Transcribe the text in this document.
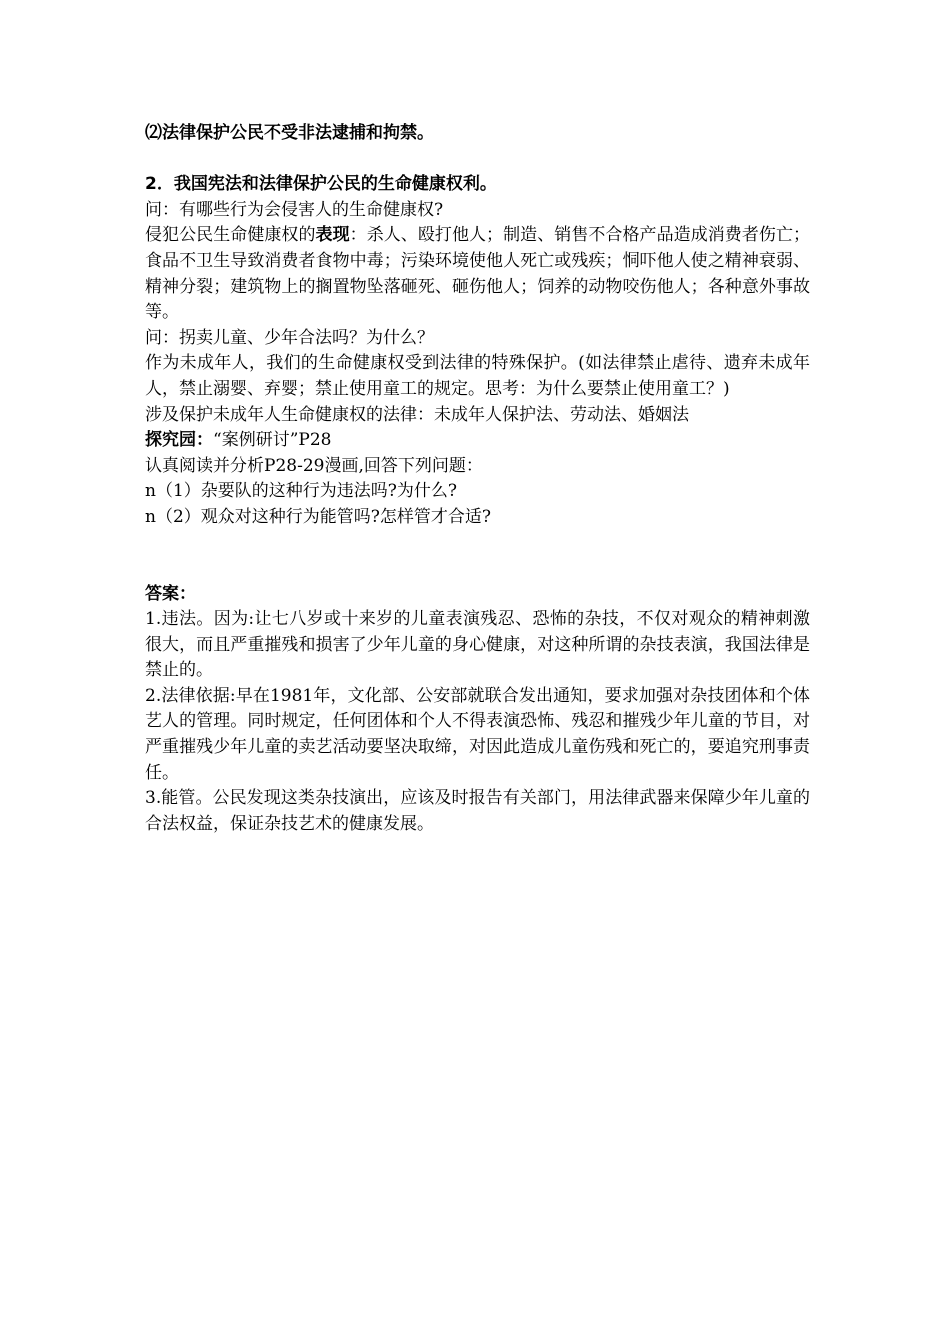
⑵法律保护公民不受非法逮捕和拘禁。
2．我国宪法和法律保护公民的生命健康权利。
问：有哪些行为会侵害人的生命健康权?
侵犯公民生命健康权的表现：杀人、殴打他人；制造、销售不合格产品造成消费者伤亡；食品不卫生导致消费者食物中毒；污染环境使他人死亡或残疾；恫吓他人使之精神衰弱、精神分裂；建筑物上的搁置物坠落砸死、砸伤他人；饲养的动物咬伤他人；各种意外事故等。
问：拐卖儿童、少年合法吗？为什么？
作为未成年人，我们的生命健康权受到法律的特殊保护。(如法律禁止虐待、遗弃未成年人，禁止溺婴、弃婴；禁止使用童工的规定。思考：为什么要禁止使用童工？)
涉及保护未成年人生命健康权的法律：未成年人保护法、劳动法、婚姻法
探究园：“案例研讨”P28
认真阅读并分析P28-29漫画,回答下列问题：
n（1）杂要队的这种行为违法吗?为什么?
n（2）观众对这种行为能管吗?怎样管才合适?
答案：
1.违法。因为:让七八岁或十来岁的儿童表演残忍、恐怖的杂技，不仅对观众的精神刺激很大，而且严重摧残和损害了少年儿童的身心健康，对这种所谓的杂技表演，我国法律是禁止的。
2.法律依据:早在1981年，文化部、公安部就联合发出通知，要求加强对杂技团体和个体艺人的管理。同时规定，任何团体和个人不得表演恐怖、残忍和摧残少年儿童的节目，对严重摧残少年儿童的卖艺活动要坚决取缔，对因此造成儿童伤残和死亡的，要追究刑事责任。
3.能管。公民发现这类杂技演出，应该及时报告有关部门，用法律武器来保障少年儿童的合法权益，保证杂技艺术的健康发展。
